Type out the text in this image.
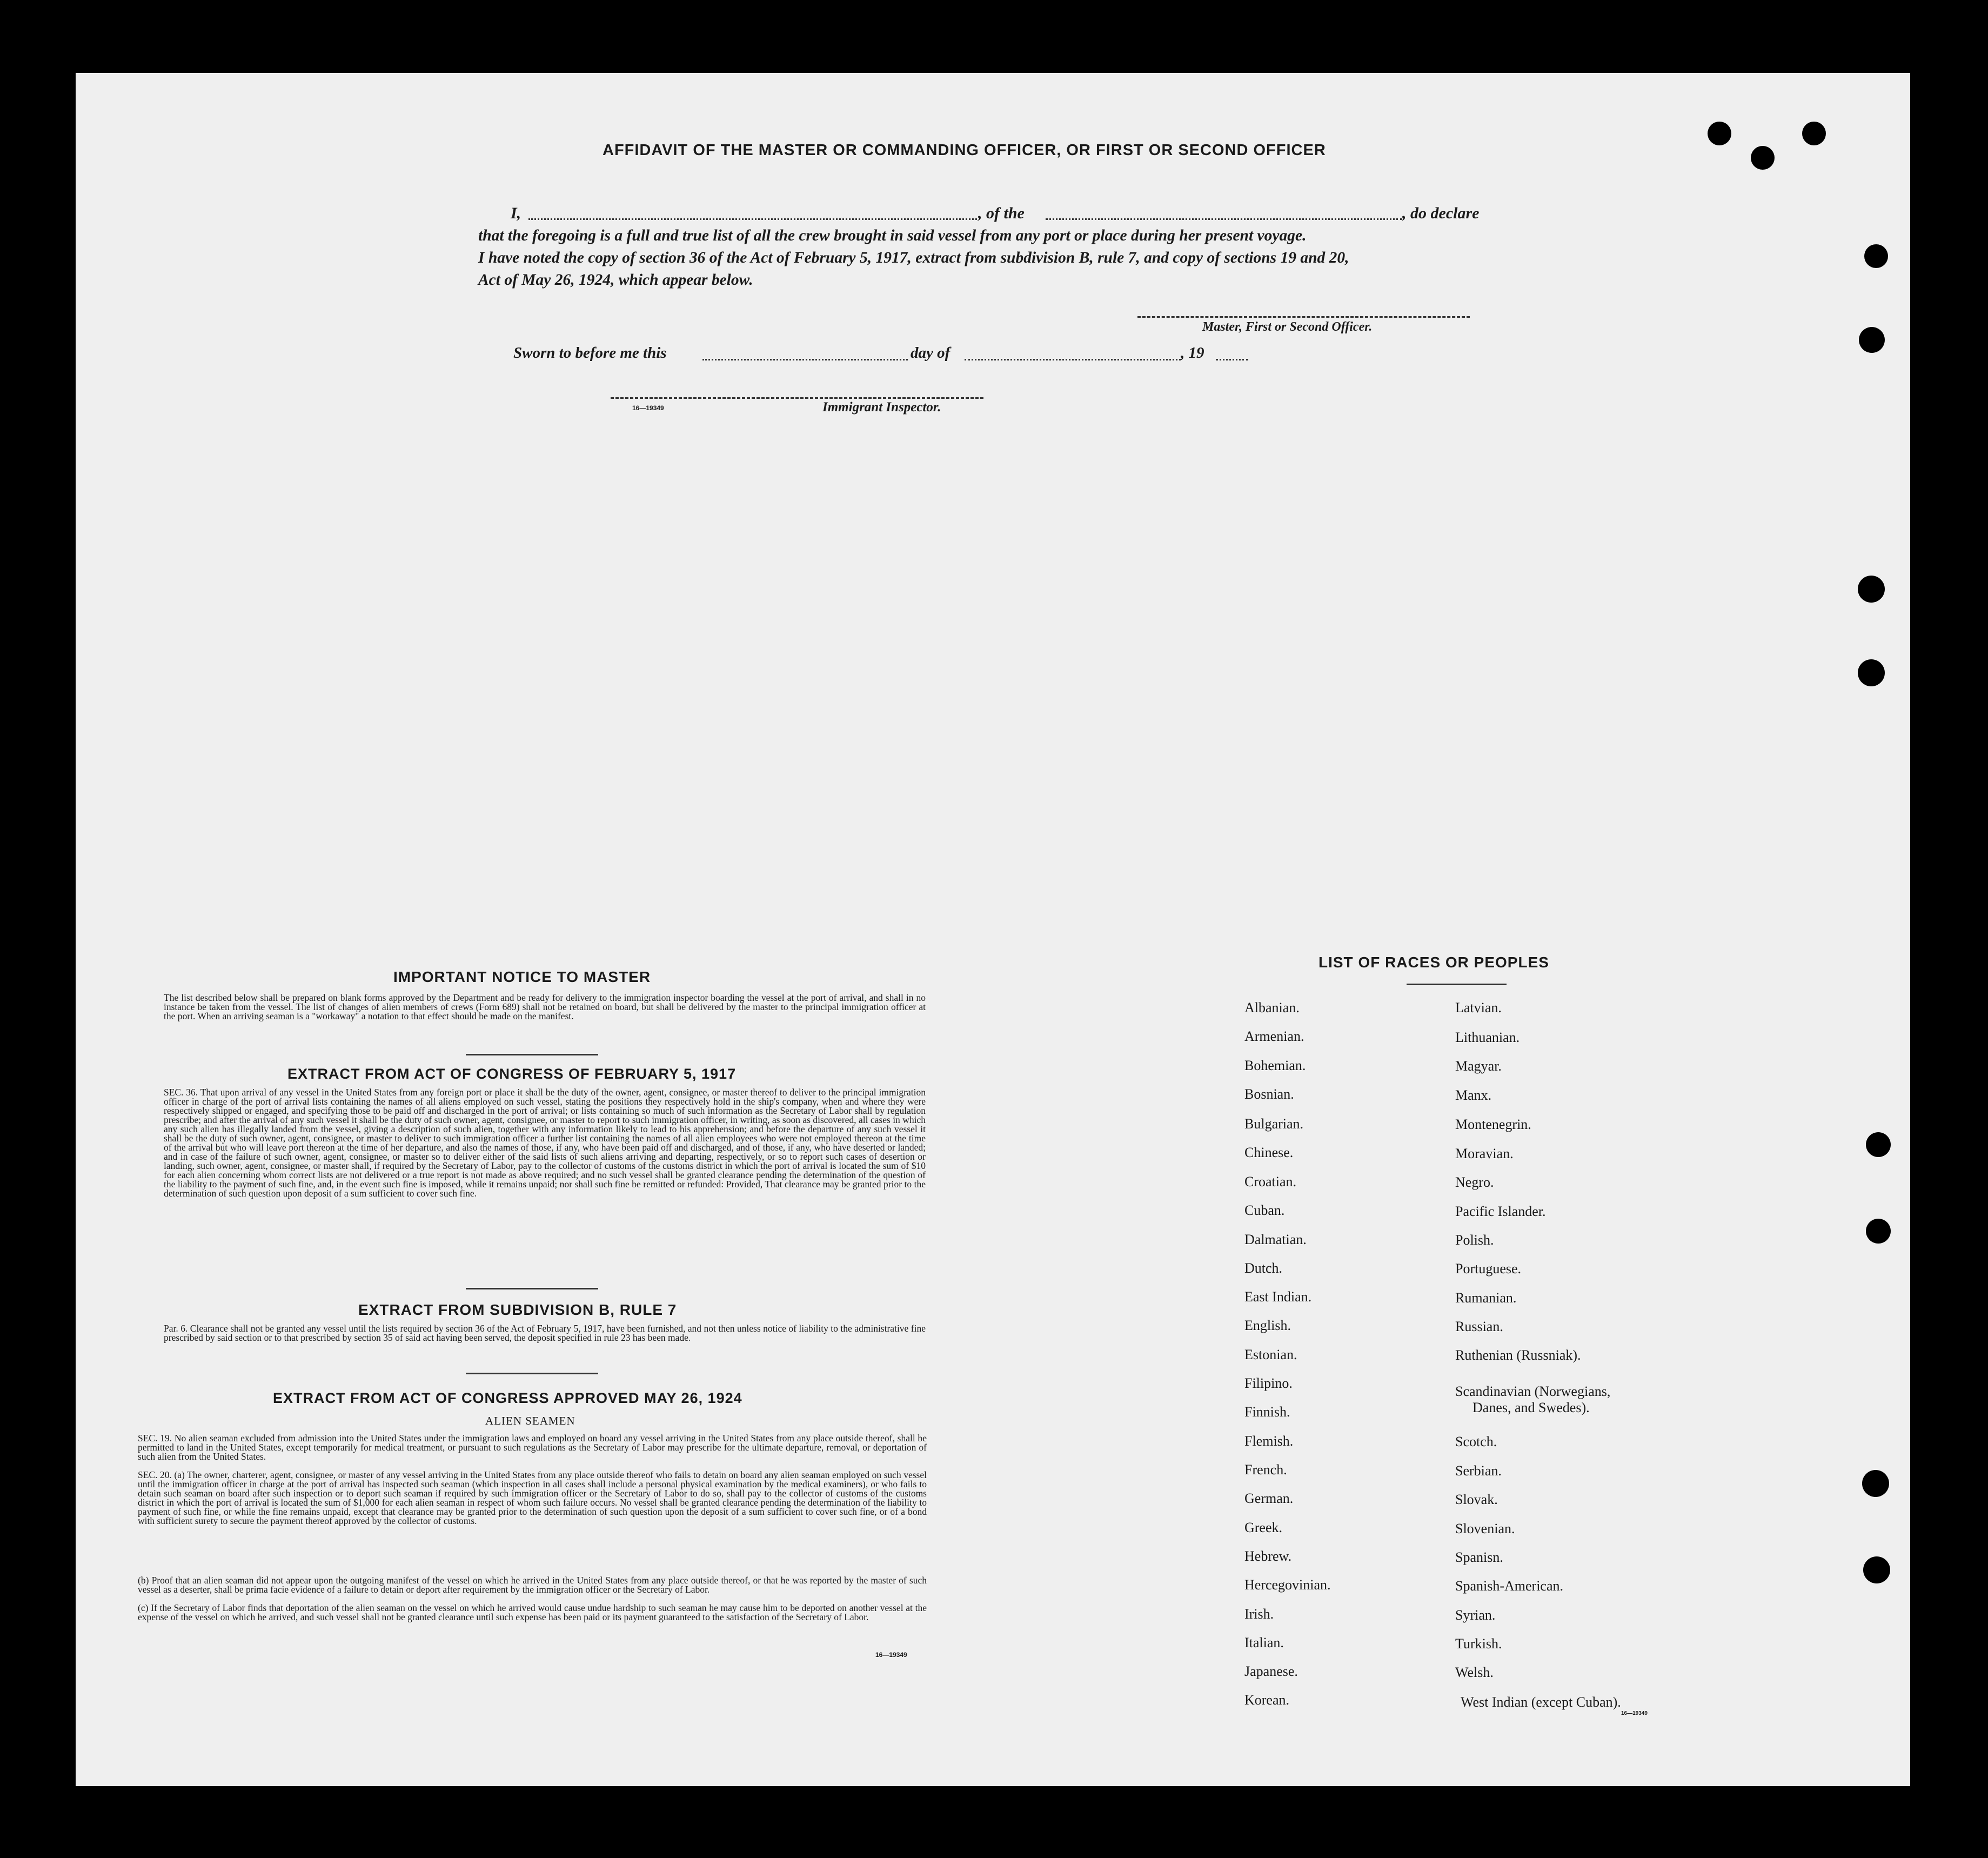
AFFIDAVIT OF THE MASTER OR COMMANDING OFFICER, OR FIRST OR SECOND OFFICER
I,	, of the	, do declare
that the foregoing is a full and true list of all the crew brought in said vessel from any port or place during her present voyage.
I have noted the copy of section 36 of the Act of February 5, 1917, extract from subdivision B, rule 7, and copy of sections 19 and 20,
Act of May 26, 1924, which appear below.
Master, First or Second Officer.
Sworn to before me this	day of	, 19
16—19349	Immigrant Inspector.
IMPORTANT NOTICE TO MASTER
The list described below shall be prepared on blank forms approved by the Department and be ready for delivery to the immigration inspector boarding the vessel at the port of arrival, and shall in no instance be taken from the vessel. The list of changes of alien members of crews (Form 689) shall not be retained on board, but shall be delivered by the master to the principal immigration officer at the port. When an arriving seaman is a "workaway" a notation to that effect should be made on the manifest.
EXTRACT FROM ACT OF CONGRESS OF FEBRUARY 5, 1917
SEC. 36. That upon arrival of any vessel in the United States from any foreign port or place it shall be the duty of the owner, agent, consignee, or master thereof to deliver to the principal immigration officer in charge of the port of arrival lists containing the names of all aliens employed on such vessel, stating the positions they respectively hold in the ship's company, when and where they were respectively shipped or engaged, and specifying those to be paid off and discharged in the port of arrival; or lists containing so much of such information as the Secretary of Labor shall by regulation prescribe; and after the arrival of any such vessel it shall be the duty of such owner, agent, consignee, or master to report to such immigration officer, in writing, as soon as discovered, all cases in which any such alien has illegally landed from the vessel, giving a description of such alien, together with any information likely to lead to his apprehension; and before the departure of any such vessel it shall be the duty of such owner, agent, consignee, or master to deliver to such immigration officer a further list containing the names of all alien employees who were not employed thereon at the time of the arrival but who will leave port thereon at the time of her departure, and also the names of those, if any, who have been paid off and discharged, and of those, if any, who have deserted or landed; and in case of the failure of such owner, agent, consignee, or master so to deliver either of the said lists of such aliens arriving and departing, respectively, or so to report such cases of desertion or landing, such owner, agent, consignee, or master shall, if required by the Secretary of Labor, pay to the collector of customs of the customs district in which the port of arrival is located the sum of $10 for each alien concerning whom correct lists are not delivered or a true report is not made as above required; and no such vessel shall be granted clearance pending the determination of the question of the liability to the payment of such fine, and, in the event such fine is imposed, while it remains unpaid; nor shall such fine be remitted or refunded: Provided, That clearance may be granted prior to the determination of such question upon deposit of a sum sufficient to cover such fine.
EXTRACT FROM SUBDIVISION B, RULE 7
Par. 6. Clearance shall not be granted any vessel until the lists required by section 36 of the Act of February 5, 1917, have been furnished, and not then unless notice of liability to the administrative fine prescribed by said section or to that prescribed by section 35 of said act having been served, the deposit specified in rule 23 has been made.
EXTRACT FROM ACT OF CONGRESS APPROVED MAY 26, 1924
ALIEN SEAMEN
SEC. 19. No alien seaman excluded from admission into the United States under the immigration laws and employed on board any vessel arriving in the United States from any place outside thereof, shall be permitted to land in the United States, except temporarily for medical treatment, or pursuant to such regulations as the Secretary of Labor may prescribe for the ultimate departure, removal, or deportation of such alien from the United States.
SEC. 20. (a) The owner, charterer, agent, consignee, or master of any vessel arriving in the United States from any place outside thereof who fails to detain on board any alien seaman employed on such vessel until the immigration officer in charge at the port of arrival has inspected such seaman (which inspection in all cases shall include a personal physical examination by the medical examiners), or who fails to detain such seaman on board after such inspection or to deport such seaman if required by such immigration officer or the Secretary of Labor to do so, shall pay to the collector of customs of the customs district in which the port of arrival is located the sum of $1,000 for each alien seaman in respect of whom such failure occurs. No vessel shall be granted clearance pending the determination of the liability to payment of such fine, or while the fine remains unpaid, except that clearance may be granted prior to the determination of such question upon the deposit of a sum sufficient to cover such fine, or of a bond with sufficient surety to secure the payment thereof approved by the collector of customs.
(b) Proof that an alien seaman did not appear upon the outgoing manifest of the vessel on which he arrived in the United States from any place outside thereof, or that he was reported by the master of such vessel as a deserter, shall be prima facie evidence of a failure to detain or deport after requirement by the immigration officer or the Secretary of Labor.
(c) If the Secretary of Labor finds that deportation of the alien seaman on the vessel on which he arrived would cause undue hardship to such seaman he may cause him to be deported on another vessel at the expense of the vessel on which he arrived, and such vessel shall not be granted clearance until such expense has been paid or its payment guaranteed to the satisfaction of the Secretary of Labor.
16—19349
LIST OF RACES OR PEOPLES
Albanian.
Armenian.
Bohemian.
Bosnian.
Bulgarian.
Chinese.
Croatian.
Cuban.
Dalmatian.
Dutch.
East Indian.
English.
Estonian.
Filipino.
Finnish.
Flemish.
French.
German.
Greek.
Hebrew.
Hercegovinian.
Irish.
Italian.
Japanese.
Korean.
Latvian.
Lithuanian.
Magyar.
Manx.
Montenegrin.
Moravian.
Negro.
Pacific Islander.
Polish.
Portuguese.
Rumanian.
Russian.
Ruthenian (Russniak).
Scandinavian (Norwegians,
Danes, and Swedes).
Scotch.
Serbian.
Slovak.
Slovenian.
Spanisn.
Spanish-American.
Syrian.
Turkish.
Welsh.
West Indian (except Cuban).
16—19349
